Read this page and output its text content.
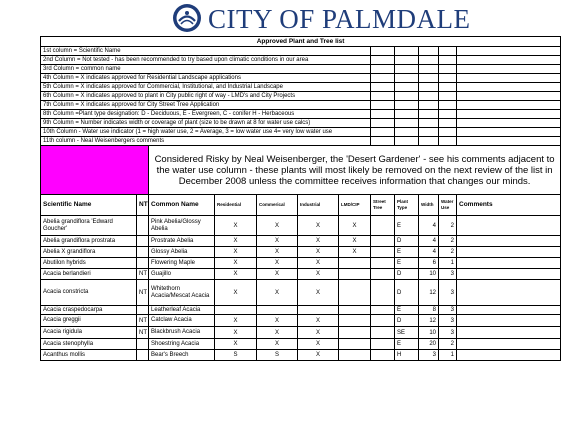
CITY OF PALMDALE
Approved Plant and Tree list											
1st column = Scientific Name											
2nd Column = Not tested - has been recommended to try based upon climatic conditions in our area											
3rd Column = common name											
4th Column = X indicates approved for Residential Landscape applications											
5th Column = X indicates approved for Commercial, Institutional, and Industrial Landscape											
6th Column = X indicates approved to plant in City public right of way - LMD's and City Projects											
7th Column = X indicates approved for City Street Tree Application											
8th Column =Plant type designation: D - Deciduous, E - Evergreen, C - conifer H - Herbaceous											
9th Column = Number indicates width or coverage of plant (size to be drawn at 8 for water use calcs)											
10th Column - Water use indicator (1 = high water use, 2 = Average, 3 = low water use 4= very low water use											
11th column - Neal Weisenbergers comments											
		Considered Risky by Neal Weisenberger, the 'Desert Gardener' - see his comments adjacent to the water use column - these plants will most likely be removed on the next review of the list in December 2008 unless the committee receives information that changes our minds.									
Scientific Name	NT	Common Name	Residential	Commerical	Industrial	LMD/CIP	Street Tree	Plant Type	Width	Water Use	Comments
Abelia grandiflora 'Edward Goucher'		Pink Abelia/Glossy Abelia	X	X	X	X		E	4	2	
Abelia grandiflora prostrata		Prostrate Abelia	X	X	X	X		D	4	2	
Abelia X grandiflora		Glossy Abelia	X	X	X	X		E	4	2	
Abutilon hybrids		Flowering Maple	X	X	X			E	6	1	
Acacia berlandieri	NT	Guajillo	X	X	X			D	10	3	
Acacia constricta	NT	Whitethorn Acacia/Mescat Acacia	X	X	X			D	12	3	
Acacia craspedocarpa		Leatherleaf Acacia						E	8	3	
Acacia greggii	NT	Catclaw Acacia	X	X	X			D	12	3	
Acacia rigidula	NT	Blackbrush Acacia	X	X	X			SE	10	3	
Acacia stenophylla		Shoestring Acacia	X	X	X			E	20	2	
Acanthus mollis		Bear's Breech	S	S	X			H	3	1	
